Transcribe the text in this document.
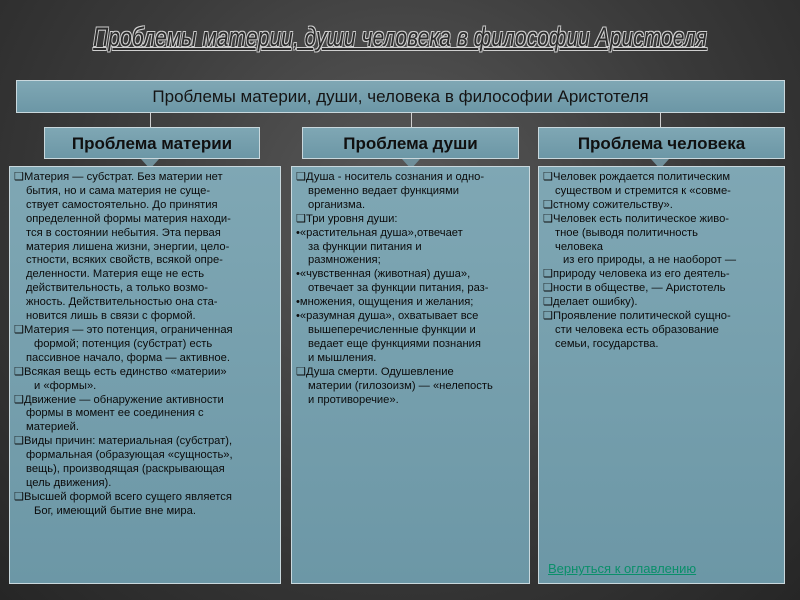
Проблемы материи, души человека в философии Аристоеля
Проблемы материи, души, человека в философии Аристотеля
Проблема материи	Проблема души	Проблема человека

❑Материя — субстрат. Без материи нет

бытия, но и сама материя не суще-

ствует самостоятельно. До принятия

определенной формы материя находи-

тся в состоянии небытия. Эта первая

материя лишена жизни, энергии, цело-

стности, всяких свойств, всякой опре-

деленности. Материя еще не есть

действительность, а только возмо-

жность. Действительностью она ста-

новится лишь в связи с формой.

❑Материя — это потенция, ограниченная

формой; потенция (субстрат) есть

пассивное начало, форма — активное.

❑Всякая вещь есть единство «материи»

и «формы».

❑Движение — обнаружение активности

формы в момент ее соединения с

материей.

❑Виды причин: материальная (субстрат),

формальная (образующая «сущность»,

вещь), производящая (раскрывающая

цель движения).

❑Высшей формой всего сущего является

Бог, имеющий бытие вне мира.

❑Душа - носитель сознания и одно-

временно ведает функциями

организма.

❑Три уровня души:

•«растительная душа»,отвечает

за функции питания и

размножения;

•«чувственная (животная) душа»,

отвечает за функции питания, раз-

•множения, ощущения и желания;

•«разумная душа», охватывает все

вышеперечисленные функции и

ведает еще функциями познания

и мышления.

❑Душа смерти. Одушевление

материи (гилозоизм) — «нелепость

и противоречие».

❑Человек рождается политическим

существом и стремится к «совме-

❑стному сожительству».

❑Человек есть политическое живо-

тное (выводя политичность

человека

из его природы, а не наоборот —

❑природу человека из его деятель-

❑ности в обществе, — Аристотель

❑делает ошибку).

❑Проявление политической сущно-

сти человека есть образование

семьи, государства.

Вернуться к оглавлению
